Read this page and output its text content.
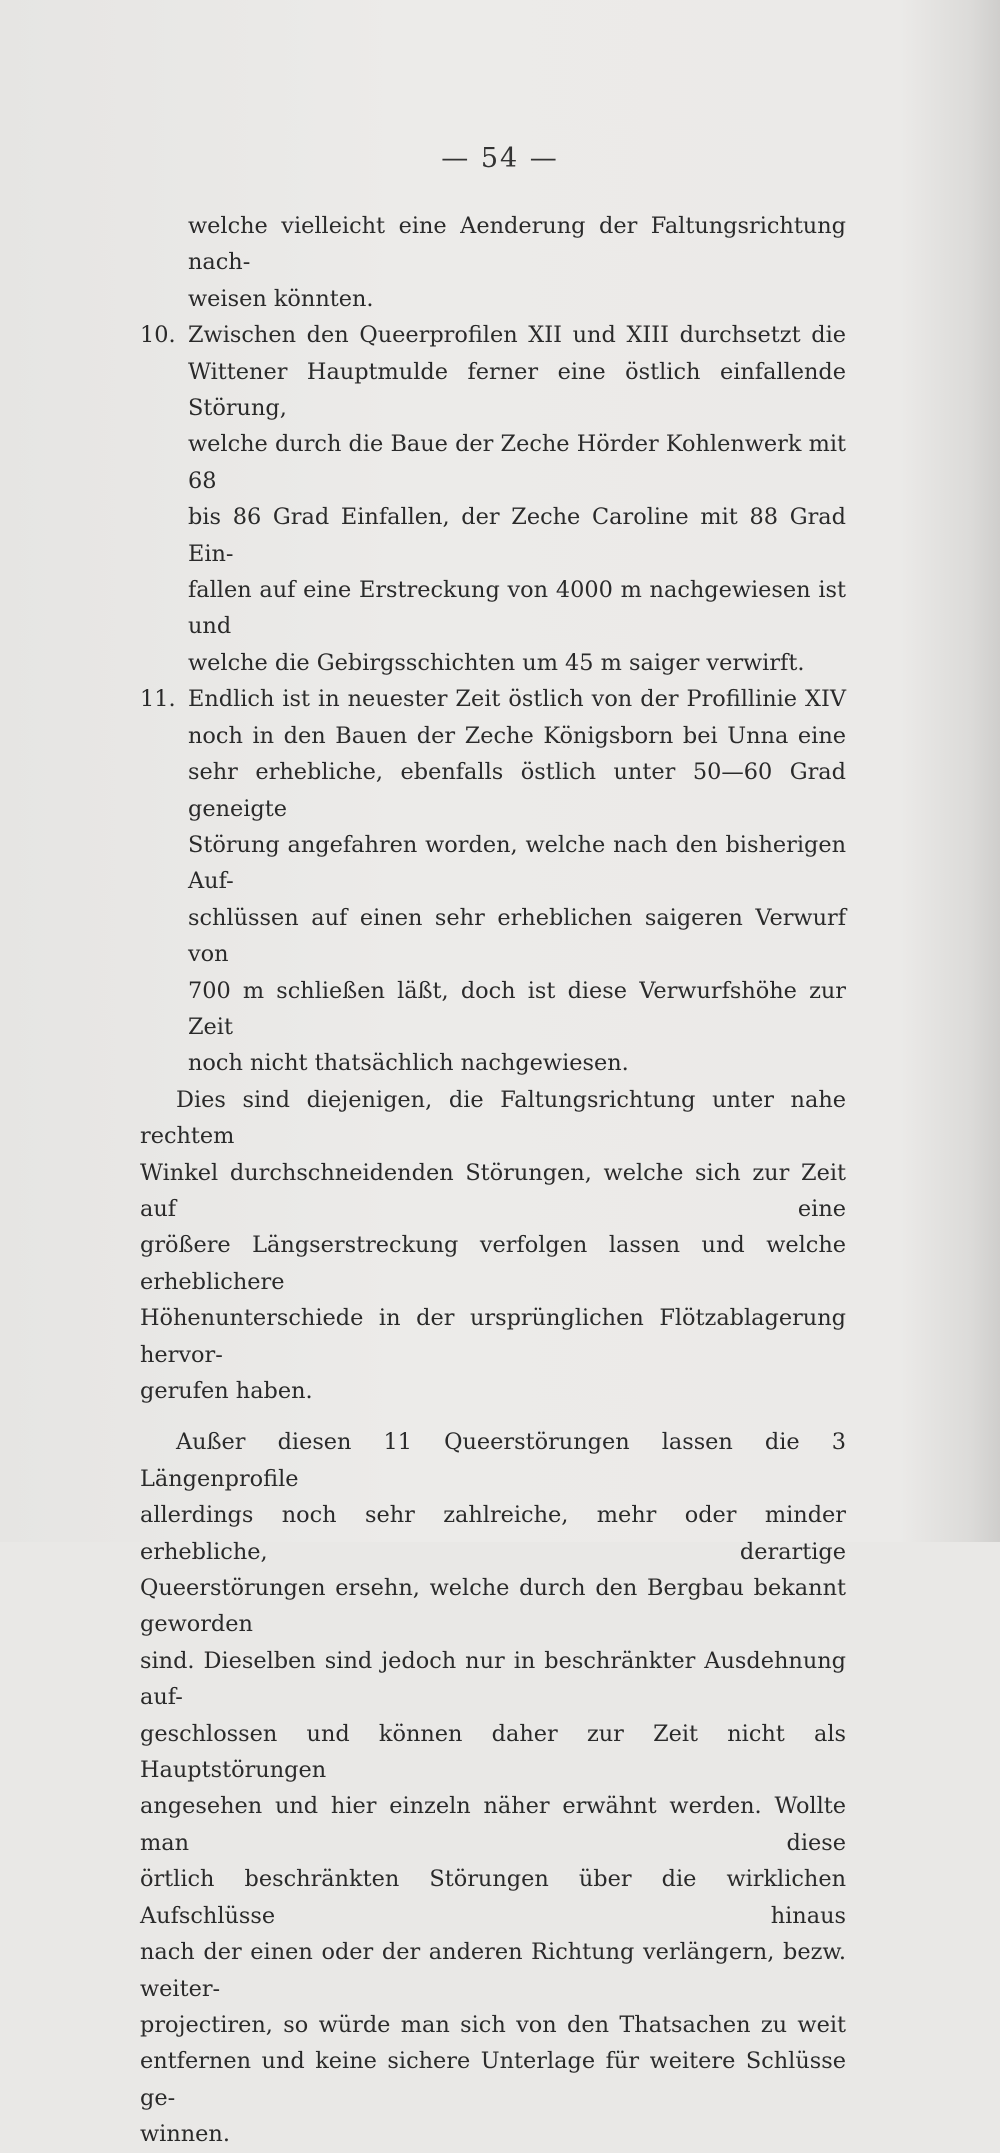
— 54 —

welche vielleicht eine Aenderung der Faltungsrichtung nach-
weisen könnten.

10. Zwischen den Queerprofilen XII und XIII durchsetzt die
Wittener Hauptmulde ferner eine östlich einfallende Störung,
welche durch die Baue der Zeche Hörder Kohlenwerk mit 68
bis 86 Grad Einfallen, der Zeche Caroline mit 88 Grad Ein-
fallen auf eine Erstreckung von 4000 m nachgewiesen ist und
welche die Gebirgsschichten um 45 m saiger verwirft.

11. Endlich ist in neuester Zeit östlich von der Profillinie XIV
noch in den Bauen der Zeche Königsborn bei Unna eine
sehr erhebliche, ebenfalls östlich unter 50—60 Grad geneigte
Störung angefahren worden, welche nach den bisherigen Auf-
schlüssen auf einen sehr erheblichen saigeren Verwurf von
700 m schließen läßt, doch ist diese Verwurfshöhe zur Zeit
noch nicht thatsächlich nachgewiesen.

Dies sind diejenigen, die Faltungsrichtung unter nahe rechtem
Winkel durchschneidenden Störungen, welche sich zur Zeit auf eine
größere Längserstreckung verfolgen lassen und welche erheblichere
Höhenunterschiede in der ursprünglichen Flötzablagerung hervor-
gerufen haben.

Außer diesen 11 Queerstörungen lassen die 3 Längenprofile
allerdings noch sehr zahlreiche, mehr oder minder erhebliche, derartige
Queerstörungen ersehn, welche durch den Bergbau bekannt geworden
sind. Dieselben sind jedoch nur in beschränkter Ausdehnung auf-
geschlossen und können daher zur Zeit nicht als Hauptstörungen
angesehen und hier einzeln näher erwähnt werden. Wollte man diese
örtlich beschränkten Störungen über die wirklichen Aufschlüsse hinaus
nach der einen oder der anderen Richtung verlängern, bezw. weiter-
projectiren, so würde man sich von den Thatsachen zu weit
entfernen und keine sichere Unterlage für weitere Schlüsse ge-
winnen.
